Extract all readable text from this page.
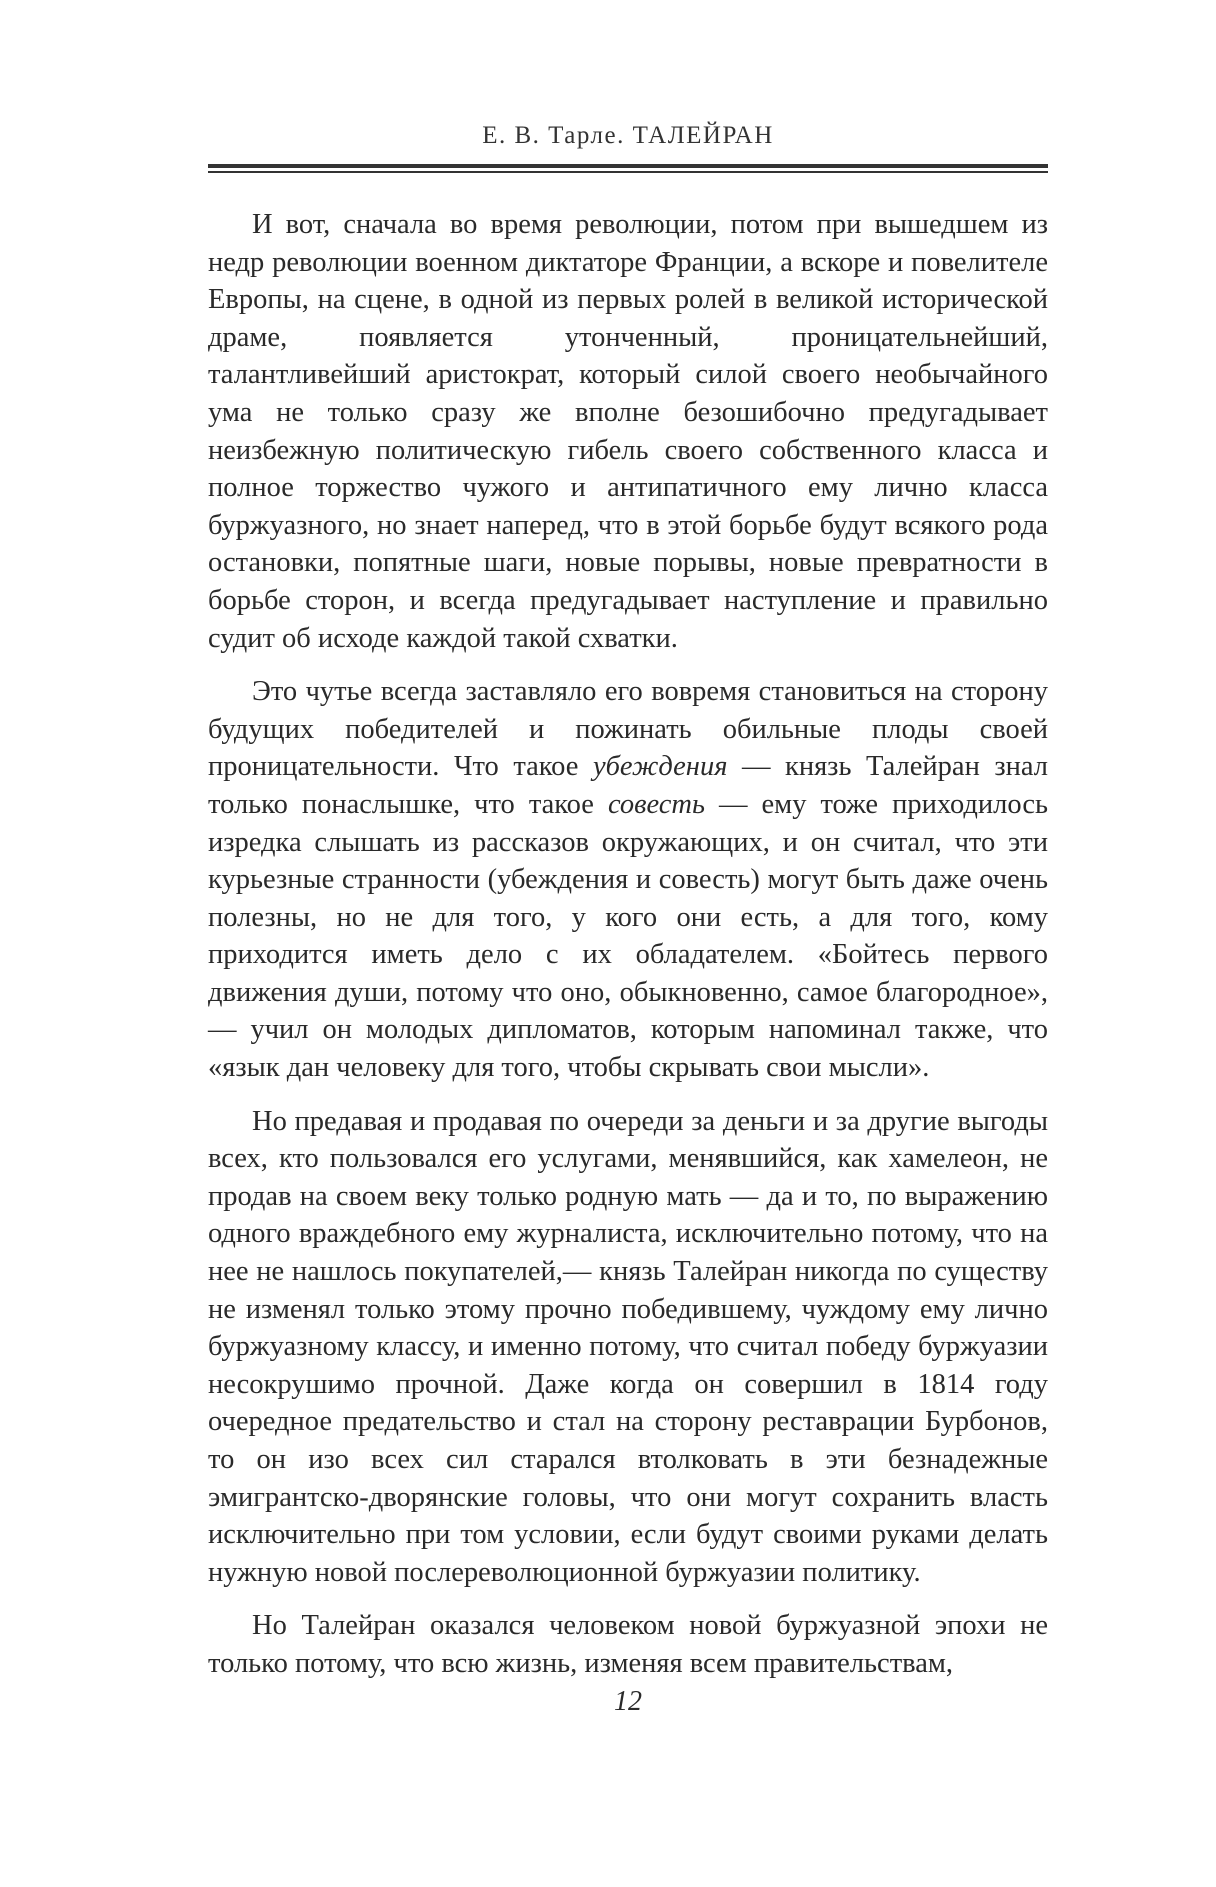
Е. В. Тарле. ТАЛЕЙРАН

И вот, сначала во время революции, потом при вышедшем из недр революции военном диктаторе Франции, а вскоре и повелителе Европы, на сцене, в одной из первых ролей в великой исторической драме, появляется утонченный, проницательнейший, талантливейший аристократ, который силой своего необычайного ума не только сразу же вполне безошибочно предугадывает неизбежную политическую гибель своего собственного класса и полное торжество чужого и антипатичного ему лично класса буржуазного, но знает наперед, что в этой борьбе будут всякого рода остановки, попятные шаги, новые порывы, новые превратности в борьбе сторон, и всегда предугадывает наступление и правильно судит об исходе каждой такой схватки.

Это чутье всегда заставляло его вовремя становиться на сторону будущих победителей и пожинать обильные плоды своей проницательности. Что такое убеждения — князь Талейран знал только понаслышке, что такое совесть — ему тоже приходилось изредка слышать из рассказов окружающих, и он считал, что эти курьезные странности (убеждения и совесть) могут быть даже очень полезны, но не для того, у кого они есть, а для того, кому приходится иметь дело с их обладателем. «Бойтесь первого движения души, потому что оно, обыкновенно, самое благородное»,— учил он молодых дипломатов, которым напоминал также, что «язык дан человеку для того, чтобы скрывать свои мысли».

Но предавая и продавая по очереди за деньги и за другие выгоды всех, кто пользовался его услугами, менявшийся, как хамелеон, не продав на своем веку только родную мать — да и то, по выражению одного враждебного ему журналиста, исключительно потому, что на нее не нашлось покупателей,— князь Талейран никогда по существу не изменял только этому прочно победившему, чуждому ему лично буржуазному классу, и именно потому, что считал победу буржуазии несокрушимо прочной. Даже когда он совершил в 1814 году очередное предательство и стал на сторону реставрации Бурбонов, то он изо всех сил старался втолковать в эти безнадежные эмигрантско-дворянские головы, что они могут сохранить власть исключительно при том условии, если будут своими руками делать нужную новой послереволюционной буржуазии политику.

Но Талейран оказался человеком новой буржуазной эпохи не только потому, что всю жизнь, изменяя всем правительствам,

12
